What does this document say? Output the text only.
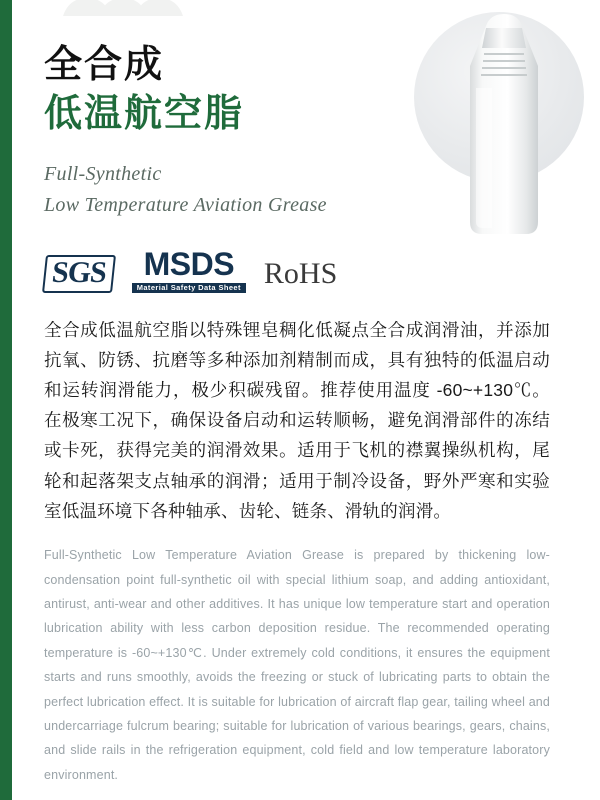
全合成
低温航空脂
Full-Synthetic
Low Temperature Aviation Grease
SGS MSDS
Material Safety Data Sheet RoHS

全合成低温航空脂以特殊锂皂稠化低凝点全合成润滑油，并添加抗氧、防锈、抗磨等多种添加剂精制而成，具有独特的低温启动和运转润滑能力，极少积碳残留。推荐使用温度 -60~+130℃。在极寒工况下，确保设备启动和运转顺畅，避免润滑部件的冻结或卡死，获得完美的润滑效果。适用于飞机的襟翼操纵机构，尾轮和起落架支点轴承的润滑；适用于制冷设备，野外严寒和实验室低温环境下各种轴承、齿轮、链条、滑轨的润滑。

Full-Synthetic Low Temperature Aviation Grease is prepared by thickening low-condensation point full-synthetic oil with special lithium soap, and adding antioxidant, antirust, anti-wear and other additives. It has unique low temperature start and operation lubrication ability with less carbon deposition residue. The recommended operating temperature is -60~+130℃. Under extremely cold conditions, it ensures the equipment starts and runs smoothly, avoids the freezing or stuck of lubricating parts to obtain the perfect lubrication effect. It is suitable for lubrication of aircraft flap gear, tailing wheel and undercarriage fulcrum bearing; suitable for lubrication of various bearings, gears, chains, and slide rails in the refrigeration equipment, cold field and low temperature laboratory environment.
